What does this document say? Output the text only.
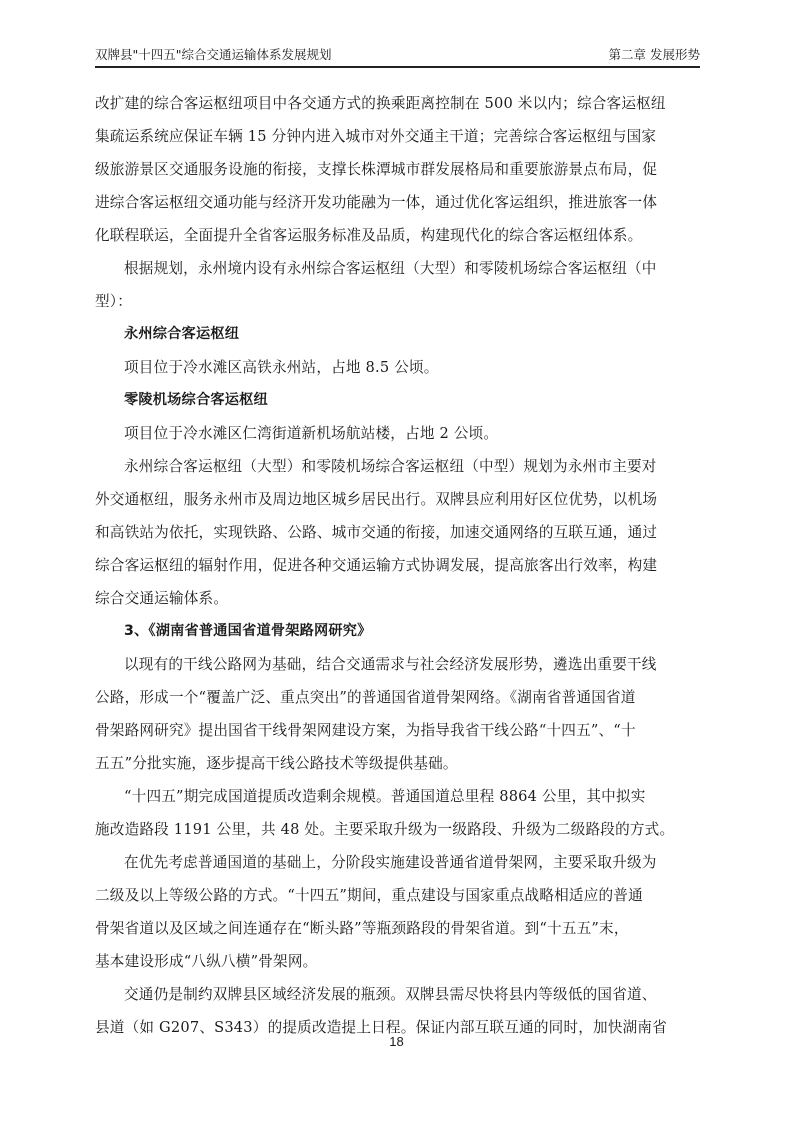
双牌县"十四五"综合交通运输体系发展规划	第二章 发展形势

改扩建的综合客运枢纽项目中各交通方式的换乘距离控制在 500 米以内；综合客运枢纽

集疏运系统应保证车辆 15 分钟内进入城市对外交通主干道；完善综合客运枢纽与国家

级旅游景区交通服务设施的衔接，支撑长株潭城市群发展格局和重要旅游景点布局，促

进综合客运枢纽交通功能与经济开发功能融为一体，通过优化客运组织，推进旅客一体

化联程联运，全面提升全省客运服务标准及品质，构建现代化的综合客运枢纽体系。

根据规划，永州境内设有永州综合客运枢纽（大型）和零陵机场综合客运枢纽（中

型）：

永州综合客运枢纽

项目位于冷水滩区高铁永州站，占地 8.5 公顷。

零陵机场综合客运枢纽

项目位于冷水滩区仁湾街道新机场航站楼，占地 2 公顷。

永州综合客运枢纽（大型）和零陵机场综合客运枢纽（中型）规划为永州市主要对

外交通枢纽，服务永州市及周边地区城乡居民出行。双牌县应利用好区位优势，以机场

和高铁站为依托，实现铁路、公路、城市交通的衔接，加速交通网络的互联互通，通过

综合客运枢纽的辐射作用，促进各种交通运输方式协调发展，提高旅客出行效率，构建

综合交通运输体系。

3、《湖南省普通国省道骨架路网研究》

以现有的干线公路网为基础，结合交通需求与社会经济发展形势，遴选出重要干线

公路，形成一个“覆盖广泛、重点突出”的普通国省道骨架网络。《湖南省普通国省道

骨架路网研究》提出国省干线骨架网建设方案，为指导我省干线公路“十四五”、“十

五五”分批实施，逐步提高干线公路技术等级提供基础。

“十四五”期完成国道提质改造剩余规模。普通国道总里程 8864 公里，其中拟实

施改造路段 1191 公里，共 48 处。主要采取升级为一级路段、升级为二级路段的方式。

在优先考虑普通国道的基础上，分阶段实施建设普通省道骨架网，主要采取升级为

二级及以上等级公路的方式。“十四五”期间，重点建设与国家重点战略相适应的普通

骨架省道以及区域之间连通存在“断头路”等瓶颈路段的骨架省道。到“十五五”末，

基本建设形成“八纵八横”骨架网。

交通仍是制约双牌县区域经济发展的瓶颈。双牌县需尽快将县内等级低的国省道、

县道（如 G207、S343）的提质改造提上日程。保证内部互联互通的同时，加快湖南省

18
